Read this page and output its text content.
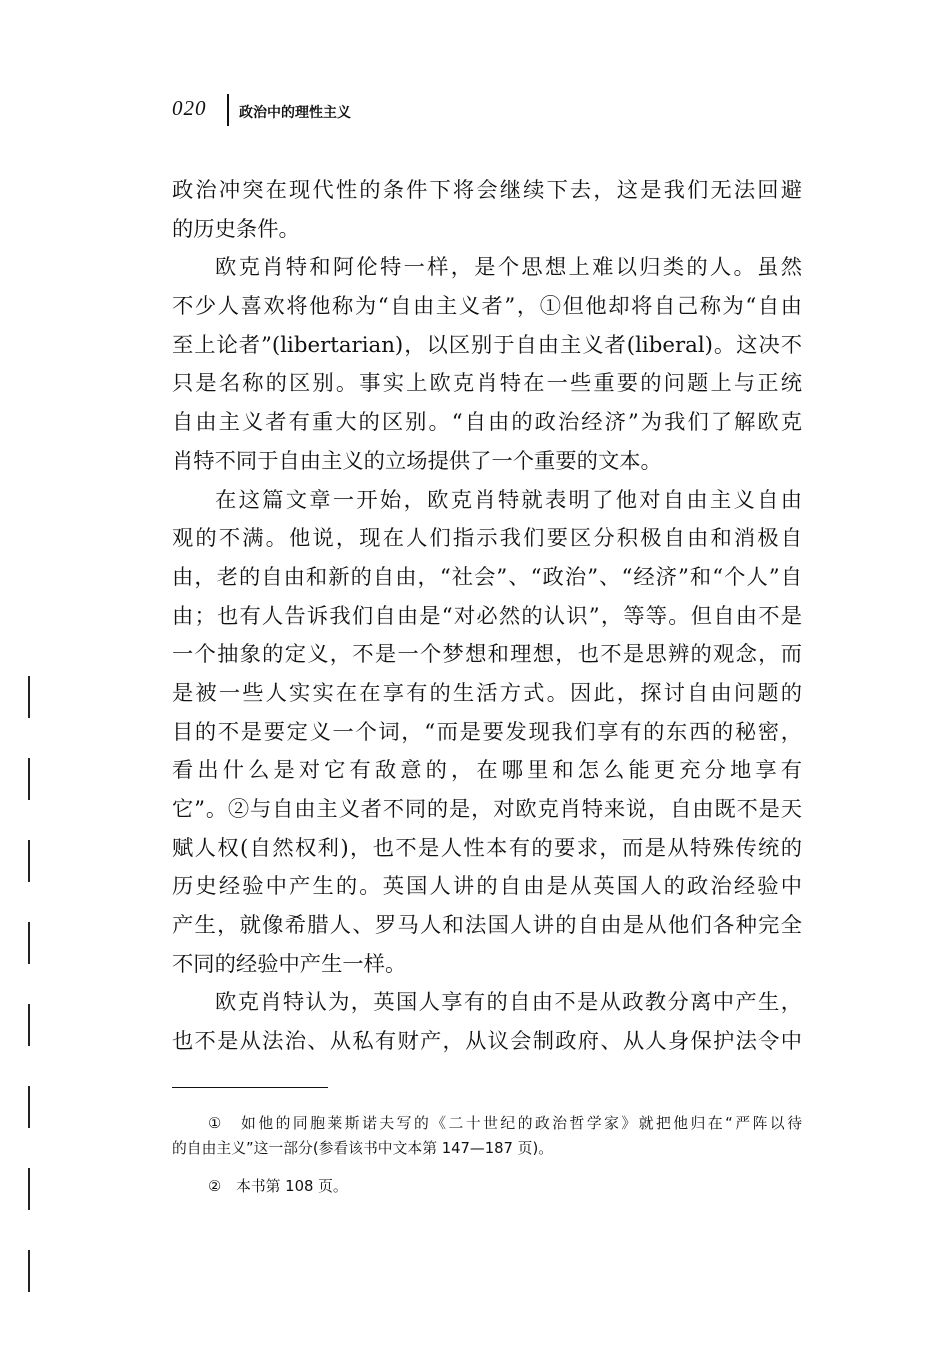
020 政治中的理性主义
政治冲突在现代性的条件下将会继续下去，这是我们无法回避
的历史条件。
欧克肖特和阿伦特一样，是个思想上难以归类的人。虽然
不少人喜欢将他称为“自由主义者”，①但他却将自己称为“自由
至上论者”(libertarian)，以区别于自由主义者(liberal)。这决不
只是名称的区别。事实上欧克肖特在一些重要的问题上与正统
自由主义者有重大的区别。“自由的政治经济”为我们了解欧克
肖特不同于自由主义的立场提供了一个重要的文本。
在这篇文章一开始，欧克肖特就表明了他对自由主义自由
观的不满。他说，现在人们指示我们要区分积极自由和消极自
由，老的自由和新的自由，“社会”、“政治”、“经济”和“个人”自
由；也有人告诉我们自由是“对必然的认识”，等等。但自由不是
一个抽象的定义，不是一个梦想和理想，也不是思辨的观念，而
是被一些人实实在在享有的生活方式。因此，探讨自由问题的
目的不是要定义一个词，“而是要发现我们享有的东西的秘密，
看出什么是对它有敌意的，在哪里和怎么能更充分地享有
它”。②与自由主义者不同的是，对欧克肖特来说，自由既不是天
赋人权(自然权利)，也不是人性本有的要求，而是从特殊传统的
历史经验中产生的。英国人讲的自由是从英国人的政治经验中
产生，就像希腊人、罗马人和法国人讲的自由是从他们各种完全
不同的经验中产生一样。
欧克肖特认为，英国人享有的自由不是从政教分离中产生，
也不是从法治、从私有财产，从议会制政府、从人身保护法令中
①　如他的同胞莱斯诺夫写的《二十世纪的政治哲学家》就把他归在“严阵以待
的自由主义”这一部分(参看该书中文本第 147—187 页)。
②　本书第 108 页。
